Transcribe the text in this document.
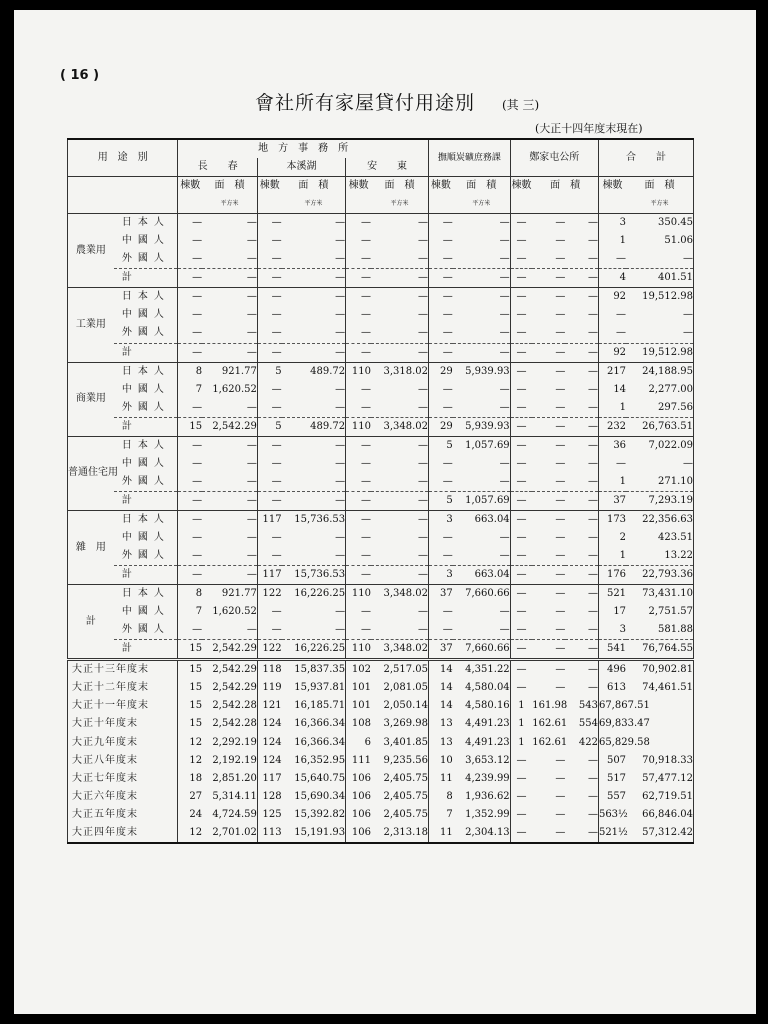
( 16 )
會社所有家屋貸付用途別 (其 三)
(大正十四年度末現在)
用　途　別		地　方　事　務　所						撫順炭礦庶務課		鄭家屯公所			合　　計	
		長　　春		本溪湖		安　　東								
		棟數	面　積	棟數	面　積	棟數	面　積	棟數	面　積	棟數	面　積		棟數	面　積
			平方米		平方米		平方米		平方米					平方米
農業用	日本人	—	—	—	—	—	—	—	—	—	—	—	3	350.45
	中國人	—	—	—	—	—	—	—	—	—	—	—	1	51.06
	外國人	—	—	—	—	—	—	—	—	—	—	—	—	—
	計	—	—	—	—	—	—	—	—	—	—	—	4	401.51
工業用	日本人	—	—	—	—	—	—	—	—	—	—	—	92	19,512.98
	中國人	—	—	—	—	—	—	—	—	—	—	—	—	—
	外國人	—	—	—	—	—	—	—	—	—	—	—	—	—
	計	—	—	—	—	—	—	—	—	—	—	—	92	19,512.98
商業用	日本人	8	921.77	5	489.72	110	3,318.02	29	5,939.93	—	—	—	217	24,188.95
	中國人	7	1,620.52	—	—	—	—	—	—	—	—	—	14	2,277.00
	外國人	—	—	—	—	—	—	—	—	—	—	—	1	297.56
	計	15	2,542.29	5	489.72	110	3,348.02	29	5,939.93	—	—	—	232	26,763.51
普通住宅用	日本人	—	—	—	—	—	—	5	1,057.69	—	—	—	36	7,022.09
	中國人	—	—	—	—	—	—	—	—	—	—	—	—	—
	外國人	—	—	—	—	—	—	—	—	—	—	—	1	271.10
	計	—	—	—	—	—	—	5	1,057.69	—	—	—	37	7,293.19
雜　用	日本人	—	—	117	15,736.53	—	—	3	663.04	—	—	—	173	22,356.63
	中國人	—	—	—	—	—	—	—	—	—	—	—	2	423.51
	外國人	—	—	—	—	—	—	—	—	—	—	—	1	13.22
	計	—	—	117	15,736.53	—	—	3	663.04	—	—	—	176	22,793.36
計	日本人	8	921.77	122	16,226.25	110	3,348.02	37	7,660.66	—	—	—	521	73,431.10
	中國人	7	1,620.52	—	—	—	—	—	—	—	—	—	17	2,751.57
	外國人	—	—	—	—	—	—	—	—	—	—	—	3	581.88
	計	15	2,542.29	122	16,226.25	110	3,348.02	37	7,660.66	—	—	—	541	76,764.55
大正十三年度末		15	2,542.29	118	15,837.35	102	2,517.05	14	4,351.22	—	—	—	496	70,902.81
大正十二年度末		15	2,542.29	119	15,937.81	101	2,081.05	14	4,580.04	—	—	—	613	74,461.51
大正十一年度末		15	2,542.28	121	16,185.71	101	2,050.14	14	4,580.16	1	161.98	543	67,867.51	
大正十年度末		15	2,542.28	124	16,366.34	108	3,269.98	13	4,491.23	1	162.61	554	69,833.47	
大正九年度末		12	2,292.19	124	16,366.34	6	3,401.85	13	4,491.23	1	162.61	422	65,829.58	
大正八年度末		12	2,192.19	124	16,352.95	111	9,235.56	10	3,653.12	—	—	—	507	70,918.33
大正七年度末		18	2,851.20	117	15,640.75	106	2,405.75	11	4,239.99	—	—	—	517	57,477.12
大正六年度末		27	5,314.11	128	15,690.34	106	2,405.75	8	1,936.62	—	—	—	557	62,719.51
大正五年度末		24	4,724.59	125	15,392.82	106	2,405.75	7	1,352.99	—	—	—	563½	66,846.04
大正四年度末		12	2,701.02	113	15,191.93	106	2,313.18	11	2,304.13	—	—	—	521½	57,312.42
